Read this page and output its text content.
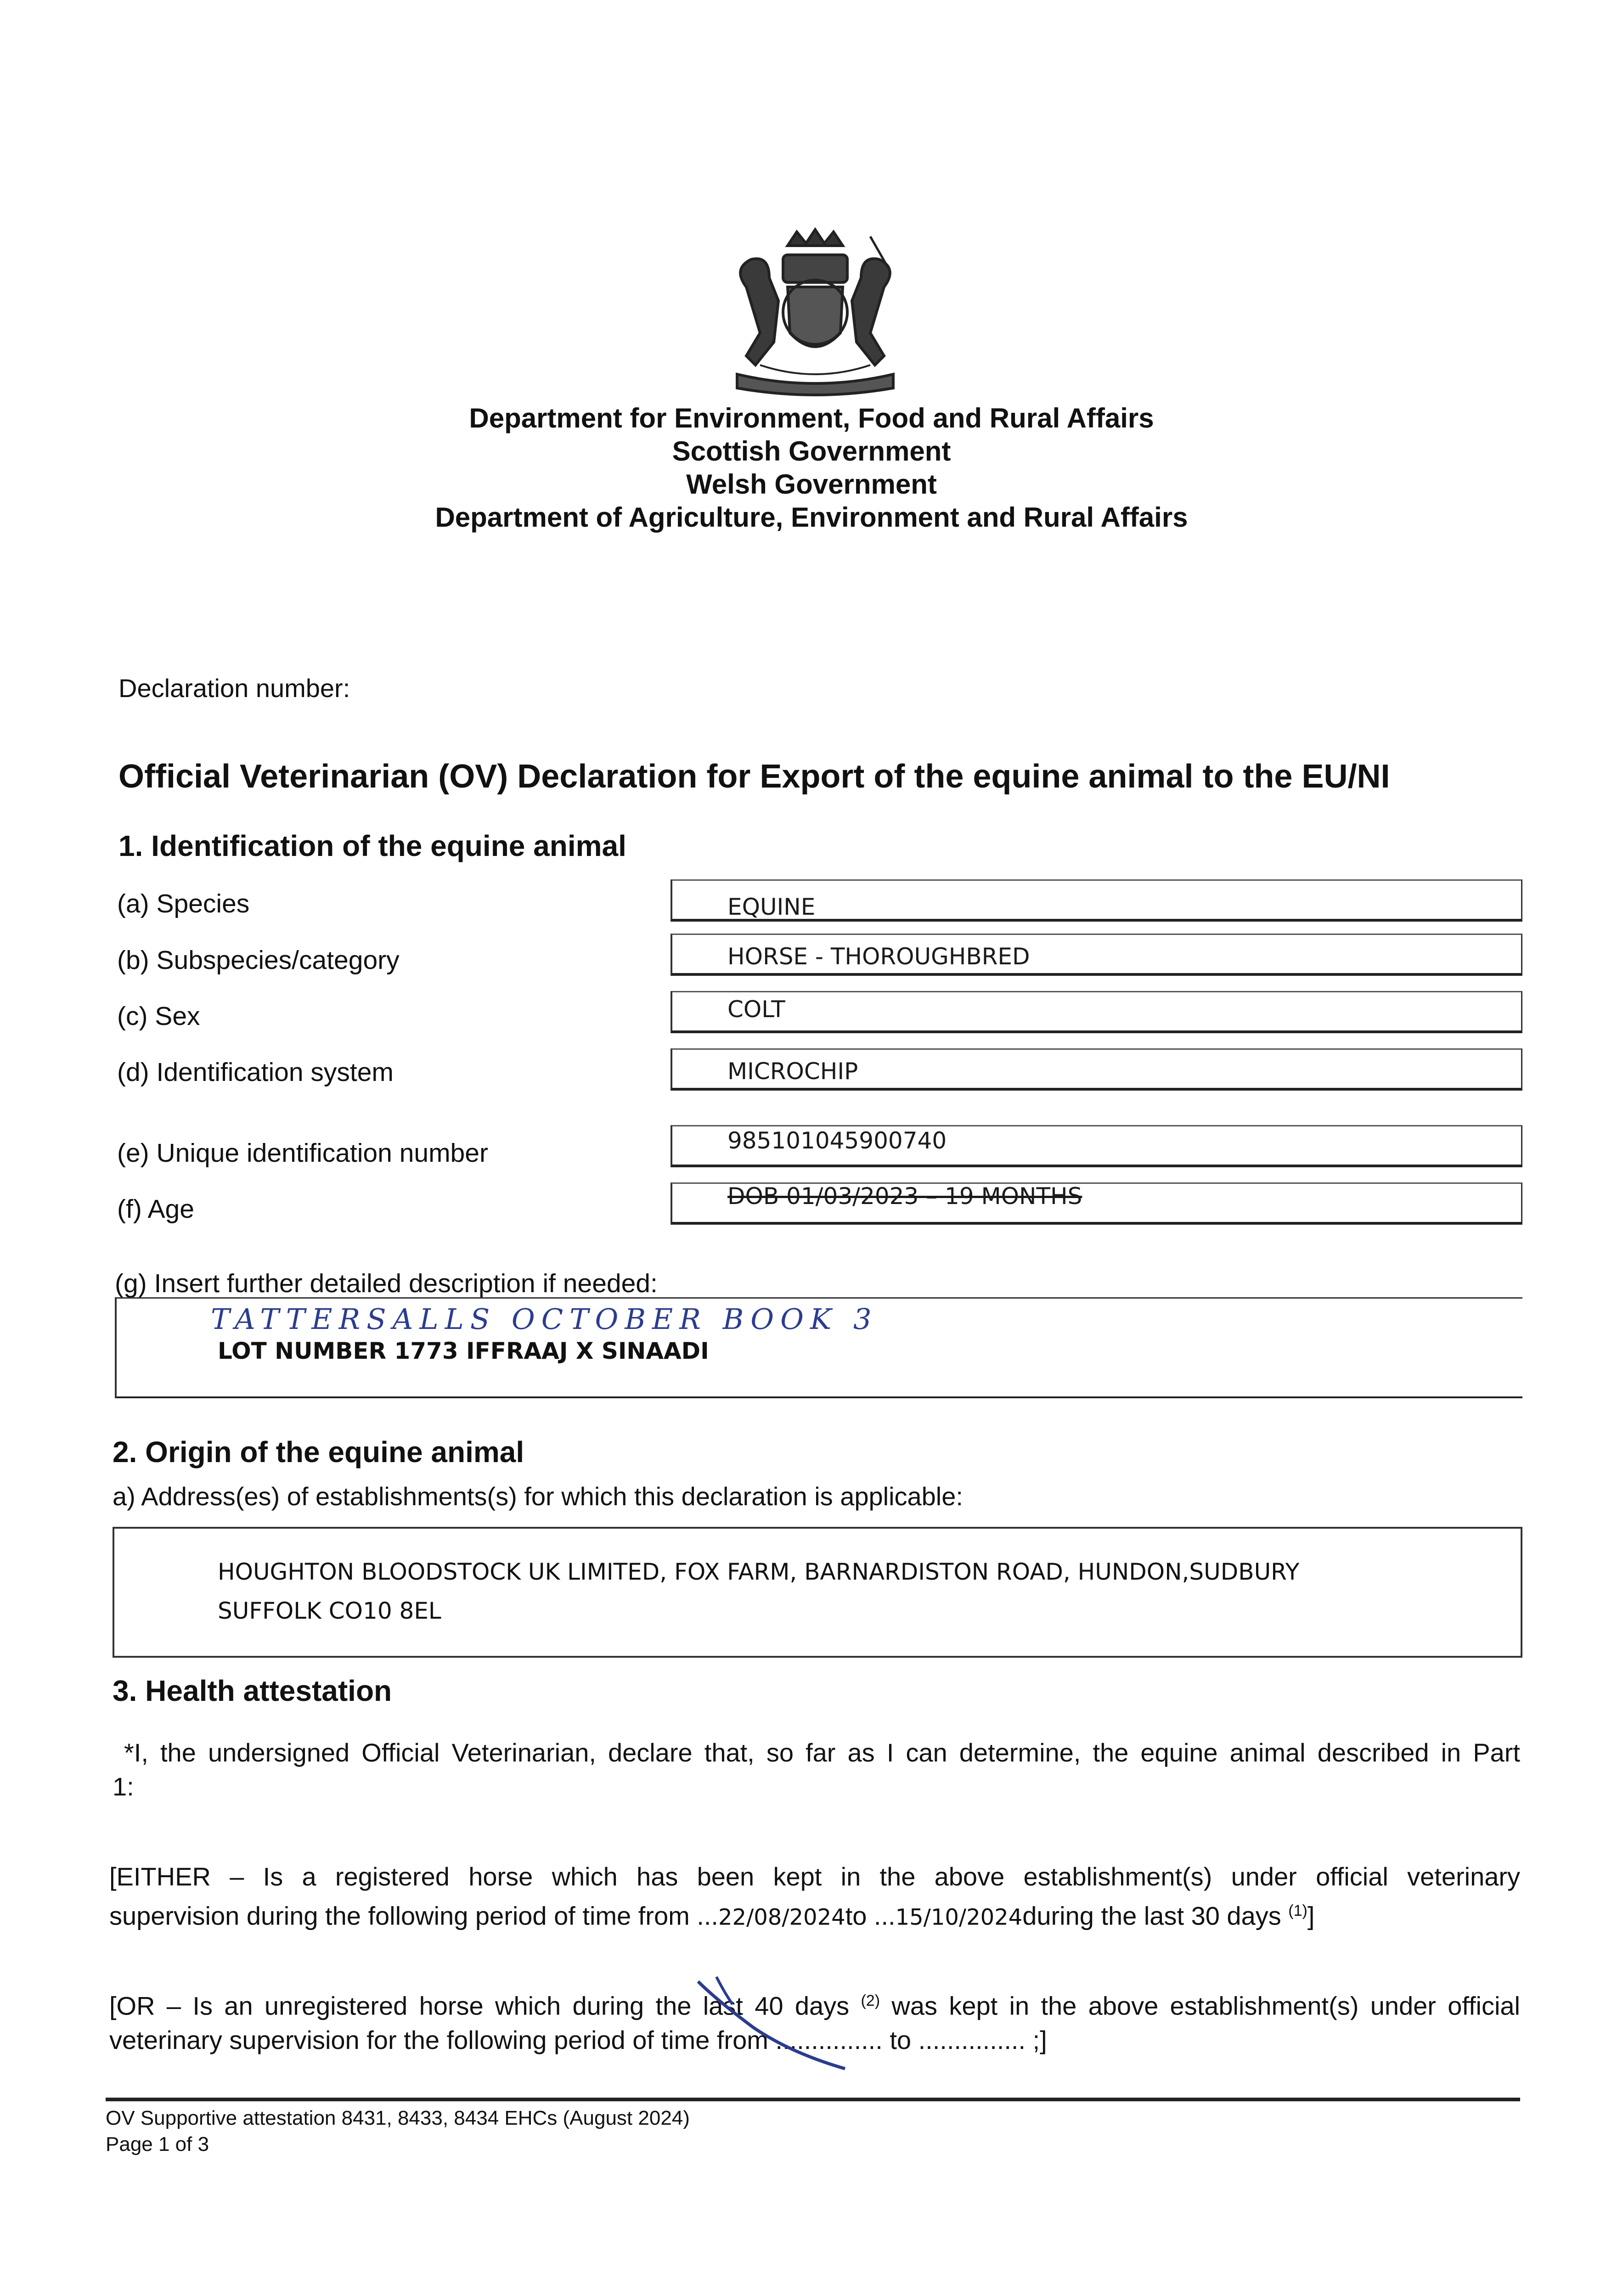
Department for Environment, Food and Rural Affairs
Scottish Government
Welsh Government
Department of Agriculture, Environment and Rural Affairs
Declaration number:
Official Veterinarian (OV) Declaration for Export of the equine animal to the EU/NI
1. Identification of the equine animal
(a) Species	EQUINE
(b) Subspecies/category	HORSE - THOROUGHBRED
(c) Sex	COLT
(d) Identification system	MICROCHIP
(e) Unique identification number	985101045900740
(f) Age	DOB 01/03/2023 – 19 MONTHS
(g) Insert further detailed description if needed:
TATTERSALLS OCTOBER BOOK 3
LOT NUMBER 1773 IFFRAAJ X SINAADI
2. Origin of the equine animal
a) Address(es) of establishments(s) for which this declaration is applicable:
HOUGHTON BLOODSTOCK UK LIMITED, FOX FARM, BARNARDISTON ROAD, HUNDON,SUDBURY
SUFFOLK CO10 8EL
3. Health attestation
*I, the undersigned Official Veterinarian, declare that, so far as I can determine, the equine animal described in Part
1:
[EITHER – Is a registered horse which has been kept in the above establishment(s) under official veterinary
supervision during the following period of time from ...22/08/2024to ...15/10/2024during the last 30 days $^{(1)}$]
[OR – Is an unregistered horse which during the last 40 days $^{(2)}$ was kept in the above establishment(s) under official
veterinary supervision for the following period of time from ............... to ............... ;]
OV Supportive attestation 8431, 8433, 8434 EHCs (August 2024)
Page 1 of 3
